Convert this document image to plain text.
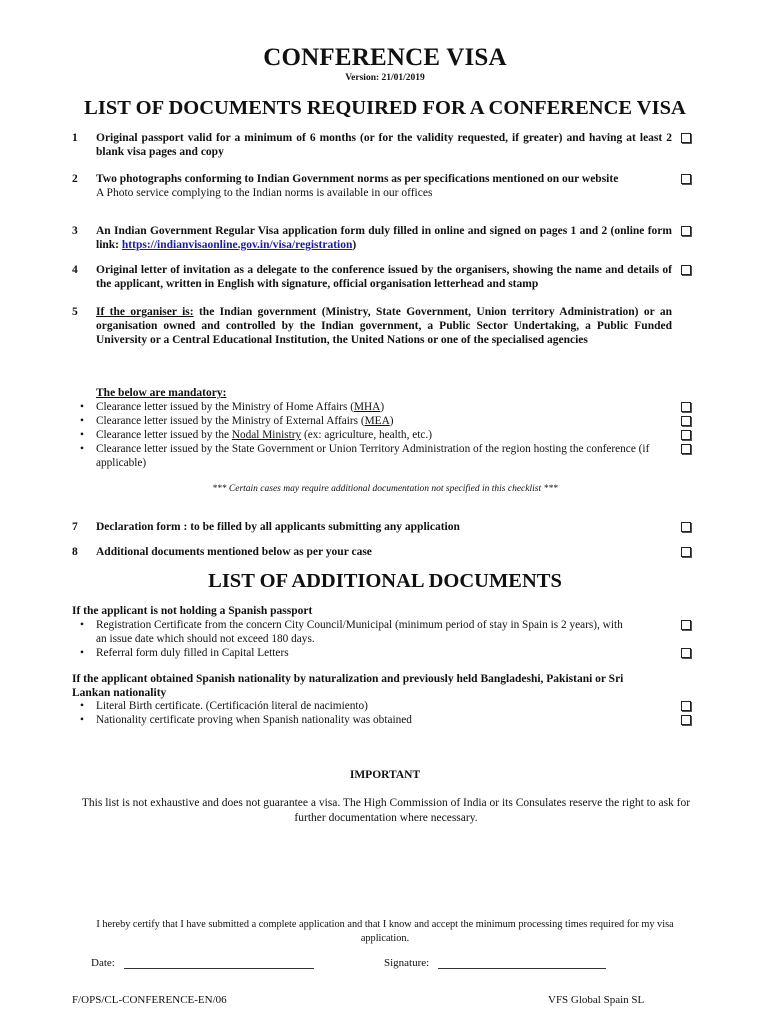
CONFERENCE VISA
Version: 21/01/2019
LIST OF DOCUMENTS REQUIRED FOR A CONFERENCE VISA
1 Original passport valid for a minimum of 6 months (or for the validity requested, if greater) and having at least 2 blank visa pages and copy
2 Two photographs conforming to Indian Government norms as per specifications mentioned on our website
A Photo service complying to the Indian norms is available in our offices
3 An Indian Government Regular Visa application form duly filled in online and signed on pages 1 and 2 (online form link: https://indianvisaonline.gov.in/visa/registration)
4 Original letter of invitation as a delegate to the conference issued by the organisers, showing the name and details of the applicant, written in English with signature, official organisation letterhead and stamp
5 If the organiser is: the Indian government (Ministry, State Government, Union territory Administration) or an organisation owned and controlled by the Indian government, a Public Sector Undertaking, a Public Funded University or a Central Educational Institution, the United Nations or one of the specialised agencies
The below are mandatory:
• Clearance letter issued by the Ministry of Home Affairs (MHA)
• Clearance letter issued by the Ministry of External Affairs (MEA)
• Clearance letter issued by the Nodal Ministry (ex: agriculture, health, etc.)
• Clearance letter issued by the State Government or Union Territory Administration of the region hosting the conference (if applicable)
*** Certain cases may require additional documentation not specified in this checklist ***
7 Declaration form : to be filled by all applicants submitting any application
8 Additional documents mentioned below as per your case
LIST OF ADDITIONAL DOCUMENTS
If the applicant is not holding a Spanish passport
• Registration Certificate from the concern City Council/Municipal (minimum period of stay in Spain is 2 years), with an issue date which should not exceed 180 days.
• Referral form duly filled in Capital Letters
If the applicant obtained Spanish nationality by naturalization and previously held Bangladeshi, Pakistani or Sri Lankan nationality
• Literal Birth certificate. (Certificación literal de nacimiento)
• Nationality certificate proving when Spanish nationality was obtained
IMPORTANT
This list is not exhaustive and does not guarantee a visa. The High Commission of India or its Consulates reserve the right to ask for further documentation where necessary.
I hereby certify that I have submitted a complete application and that I know and accept the minimum processing times required for my visa application.
Date:	Signature:
F/OPS/CL-CONFERENCE-EN/06	VFS Global Spain SL
